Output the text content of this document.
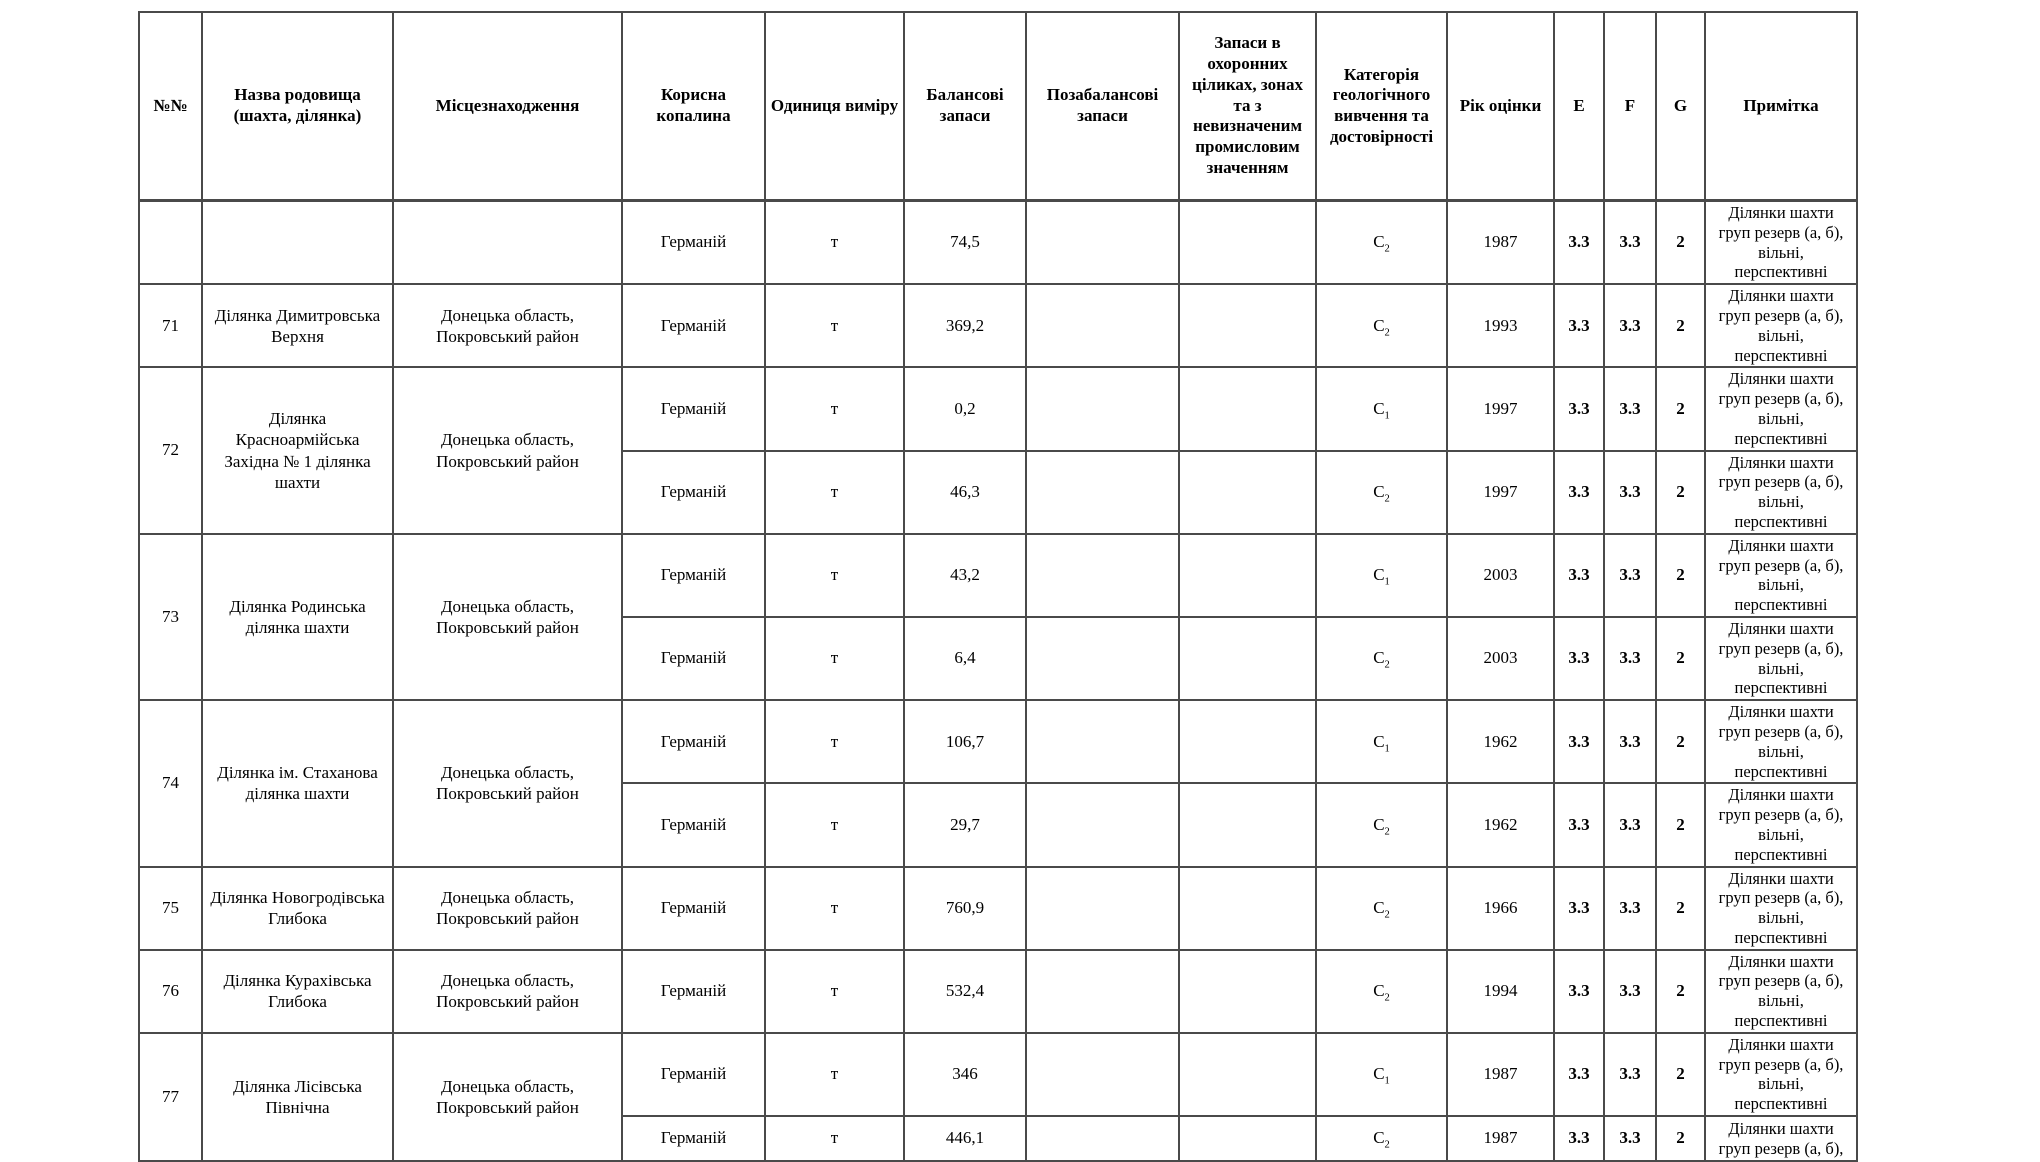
№№	Назва родовища (шахта, ділянка)	Місцезнаходження	Корисна копалина	Одиниця виміру	Балансові запаси	Позабалансові запаси	Запаси в охоронних ціликах, зонах та з невизначеним промисловим значенням	Категорія геологічного вивчення та достовірності	Рік оцінки	E	F	G	Примітка
			Германій	т	74,5			$С_2$	1987	3.3	3.3	2	Ділянки шахти груп резерв (а, б), вільні, перспективні
71	Ділянка Димитровська Верхня	Донецька область, Покровський район	Германій	т	369,2			$С_2$	1993	3.3	3.3	2	Ділянки шахти груп резерв (а, б), вільні, перспективні
72	Ділянка Красноармійська Західна № 1 ділянка шахти	Донецька область, Покровський район	Германій	т	0,2			$С_1$	1997	3.3	3.3	2	Ділянки шахти груп резерв (а, б), вільні, перспективні
			Германій	т	46,3			$С_2$	1997	3.3	3.3	2	Ділянки шахти груп резерв (а, б), вільні, перспективні
73	Ділянка Родинська ділянка шахти	Донецька область, Покровський район	Германій	т	43,2			$С_1$	2003	3.3	3.3	2	Ділянки шахти груп резерв (а, б), вільні, перспективні
			Германій	т	6,4			$С_2$	2003	3.3	3.3	2	Ділянки шахти груп резерв (а, б), вільні, перспективні
74	Ділянка ім. Стаханова ділянка шахти	Донецька область, Покровський район	Германій	т	106,7			$С_1$	1962	3.3	3.3	2	Ділянки шахти груп резерв (а, б), вільні, перспективні
			Германій	т	29,7			$С_2$	1962	3.3	3.3	2	Ділянки шахти груп резерв (а, б), вільні, перспективні
75	Ділянка Новогродівська Глибока	Донецька область, Покровський район	Германій	т	760,9			$С_2$	1966	3.3	3.3	2	Ділянки шахти груп резерв (а, б), вільні, перспективні
76	Ділянка Курахівська Глибока	Донецька область, Покровський район	Германій	т	532,4			$С_2$	1994	3.3	3.3	2	Ділянки шахти груп резерв (а, б), вільні, перспективні
77	Ділянка Лісівська Північна	Донецька область, Покровський район	Германій	т	346			$С_1$	1987	3.3	3.3	2	Ділянки шахти груп резерв (а, б), вільні, перспективні
			Германій	т	446,1			$С_2$	1987	3.3	3.3	2	Ділянки шахти груп резерв (а, б),
